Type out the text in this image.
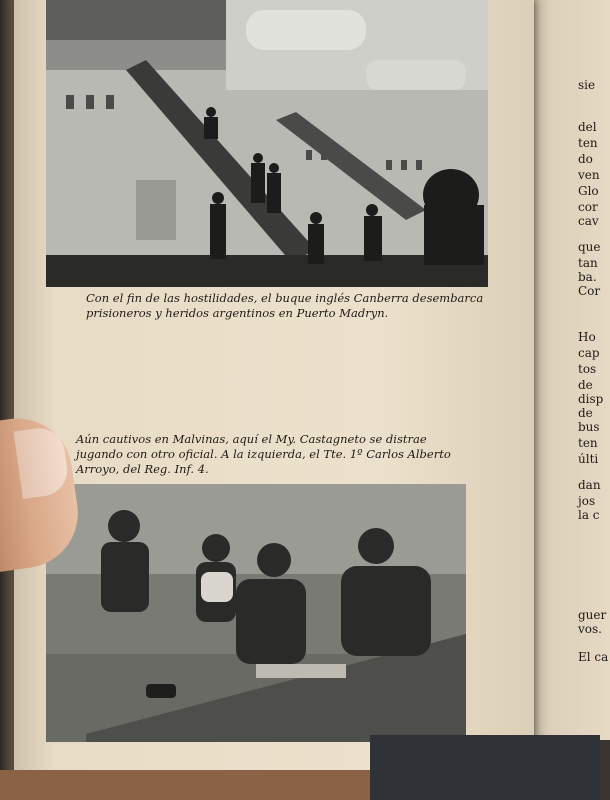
Con el fin de las hostilidades, el buque inglés Canberra desembarca prisioneros y heridos argentinos en Puerto Madryn.

Aún cautivos en Malvinas, aquí el My. Castagneto se distrae jugando con otro oficial. A la izquierda, el Tte. 1º Carlos Alberto Arroyo, del Reg. Inf. 4.

sie
del
ten
do
ven
Glo
cor
cav
que
tan
ba.
Cor
Ho
cap
tos
de
disp
de
bus
ten
últi
dan
jos
la c
guer
vos.
El ca
